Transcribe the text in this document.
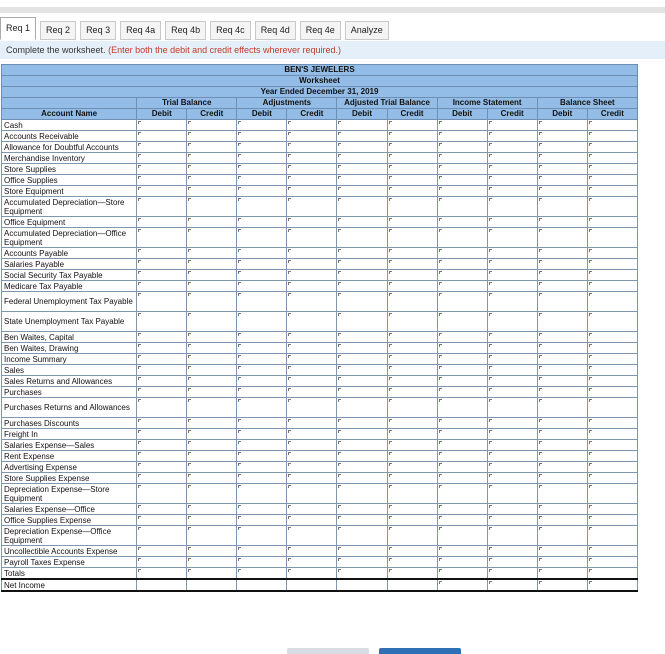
Req 1	Req 2	Req 3	Req 4a	Req 4b	Req 4c	Req 4d	Req 4e	Analyze
Complete the worksheet. (Enter both the debit and credit effects wherever required.)
BEN'S JEWELERS										
Worksheet										
Year Ended December 31, 2019										
	Trial Balance		Adjustments		Adjusted Trial Balance		Income Statement		Balance Sheet	
Account Name	Debit	Credit	Debit	Credit	Debit	Credit	Debit	Credit	Debit	Credit
Cash										
Accounts Receivable										
Allowance for Doubtful Accounts										
Merchandise Inventory										
Store Supplies										
Office Supplies										
Store Equipment										
Accumulated Depreciation—Store Equipment										
Office Equipment										
Accumulated Depreciation—Office Equipment										
Accounts Payable										
Salaries Payable										
Social Security Tax Payable										
Medicare Tax Payable										
Federal Unemployment Tax Payable										
State Unemployment Tax Payable										
Ben Waites, Capital										
Ben Waites, Drawing										
Income Summary										
Sales										
Sales Returns and Allowances										
Purchases										
Purchases Returns and Allowances										
Purchases Discounts										
Freight In										
Salaries Expense—Sales										
Rent Expense										
Advertising Expense										
Store Supplies Expense										
Depreciation Expense—Store Equipment										
Salaries Expense—Office										
Office Supplies Expense										
Depreciation Expense—Office Equipment										
Uncollectible Accounts Expense										
Payroll Taxes Expense										
Totals										
Net Income										
